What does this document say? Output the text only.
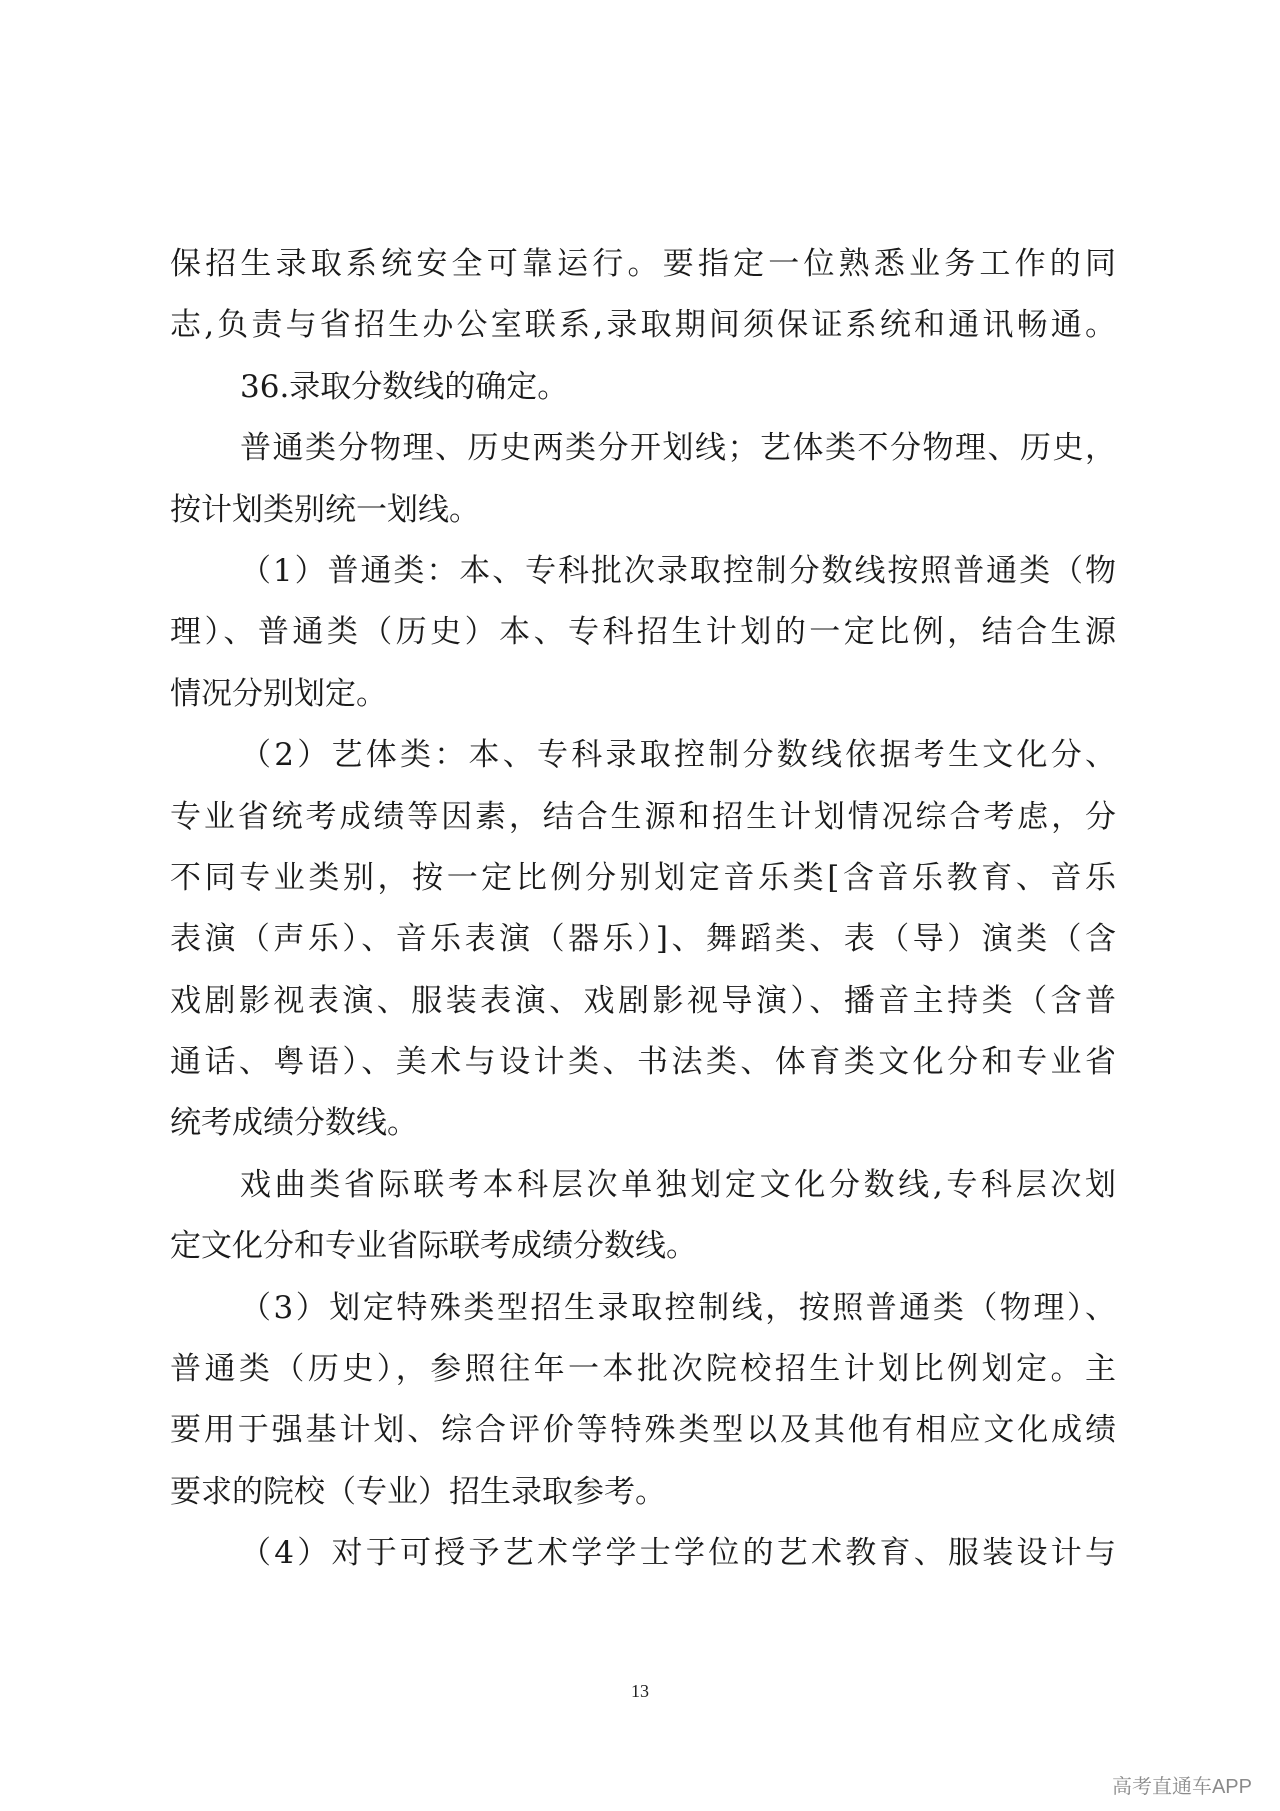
保招生录取系统安全可靠运行。要指定一位熟悉业务工作的同
志,负责与省招生办公室联系,录取期间须保证系统和通讯畅通。
36.录取分数线的确定。
普通类分物理、历史两类分开划线；艺体类不分物理、历史，
按计划类别统一划线。
（1）普通类：本、专科批次录取控制分数线按照普通类（物
理）、普通类（历史）本、专科招生计划的一定比例，结合生源
情况分别划定。
（2）艺体类：本、专科录取控制分数线依据考生文化分、
专业省统考成绩等因素，结合生源和招生计划情况综合考虑，分
不同专业类别，按一定比例分别划定音乐类[含音乐教育、音乐
表演（声乐）、音乐表演（器乐）]、舞蹈类、表（导）演类（含
戏剧影视表演、服装表演、戏剧影视导演）、播音主持类（含普
通话、粤语）、美术与设计类、书法类、体育类文化分和专业省
统考成绩分数线。
戏曲类省际联考本科层次单独划定文化分数线,专科层次划
定文化分和专业省际联考成绩分数线。
（3）划定特殊类型招生录取控制线，按照普通类（物理）、
普通类（历史），参照往年一本批次院校招生计划比例划定。主
要用于强基计划、综合评价等特殊类型以及其他有相应文化成绩
要求的院校（专业）招生录取参考。
（4）对于可授予艺术学学士学位的艺术教育、服装设计与
13
高考直通车APP
